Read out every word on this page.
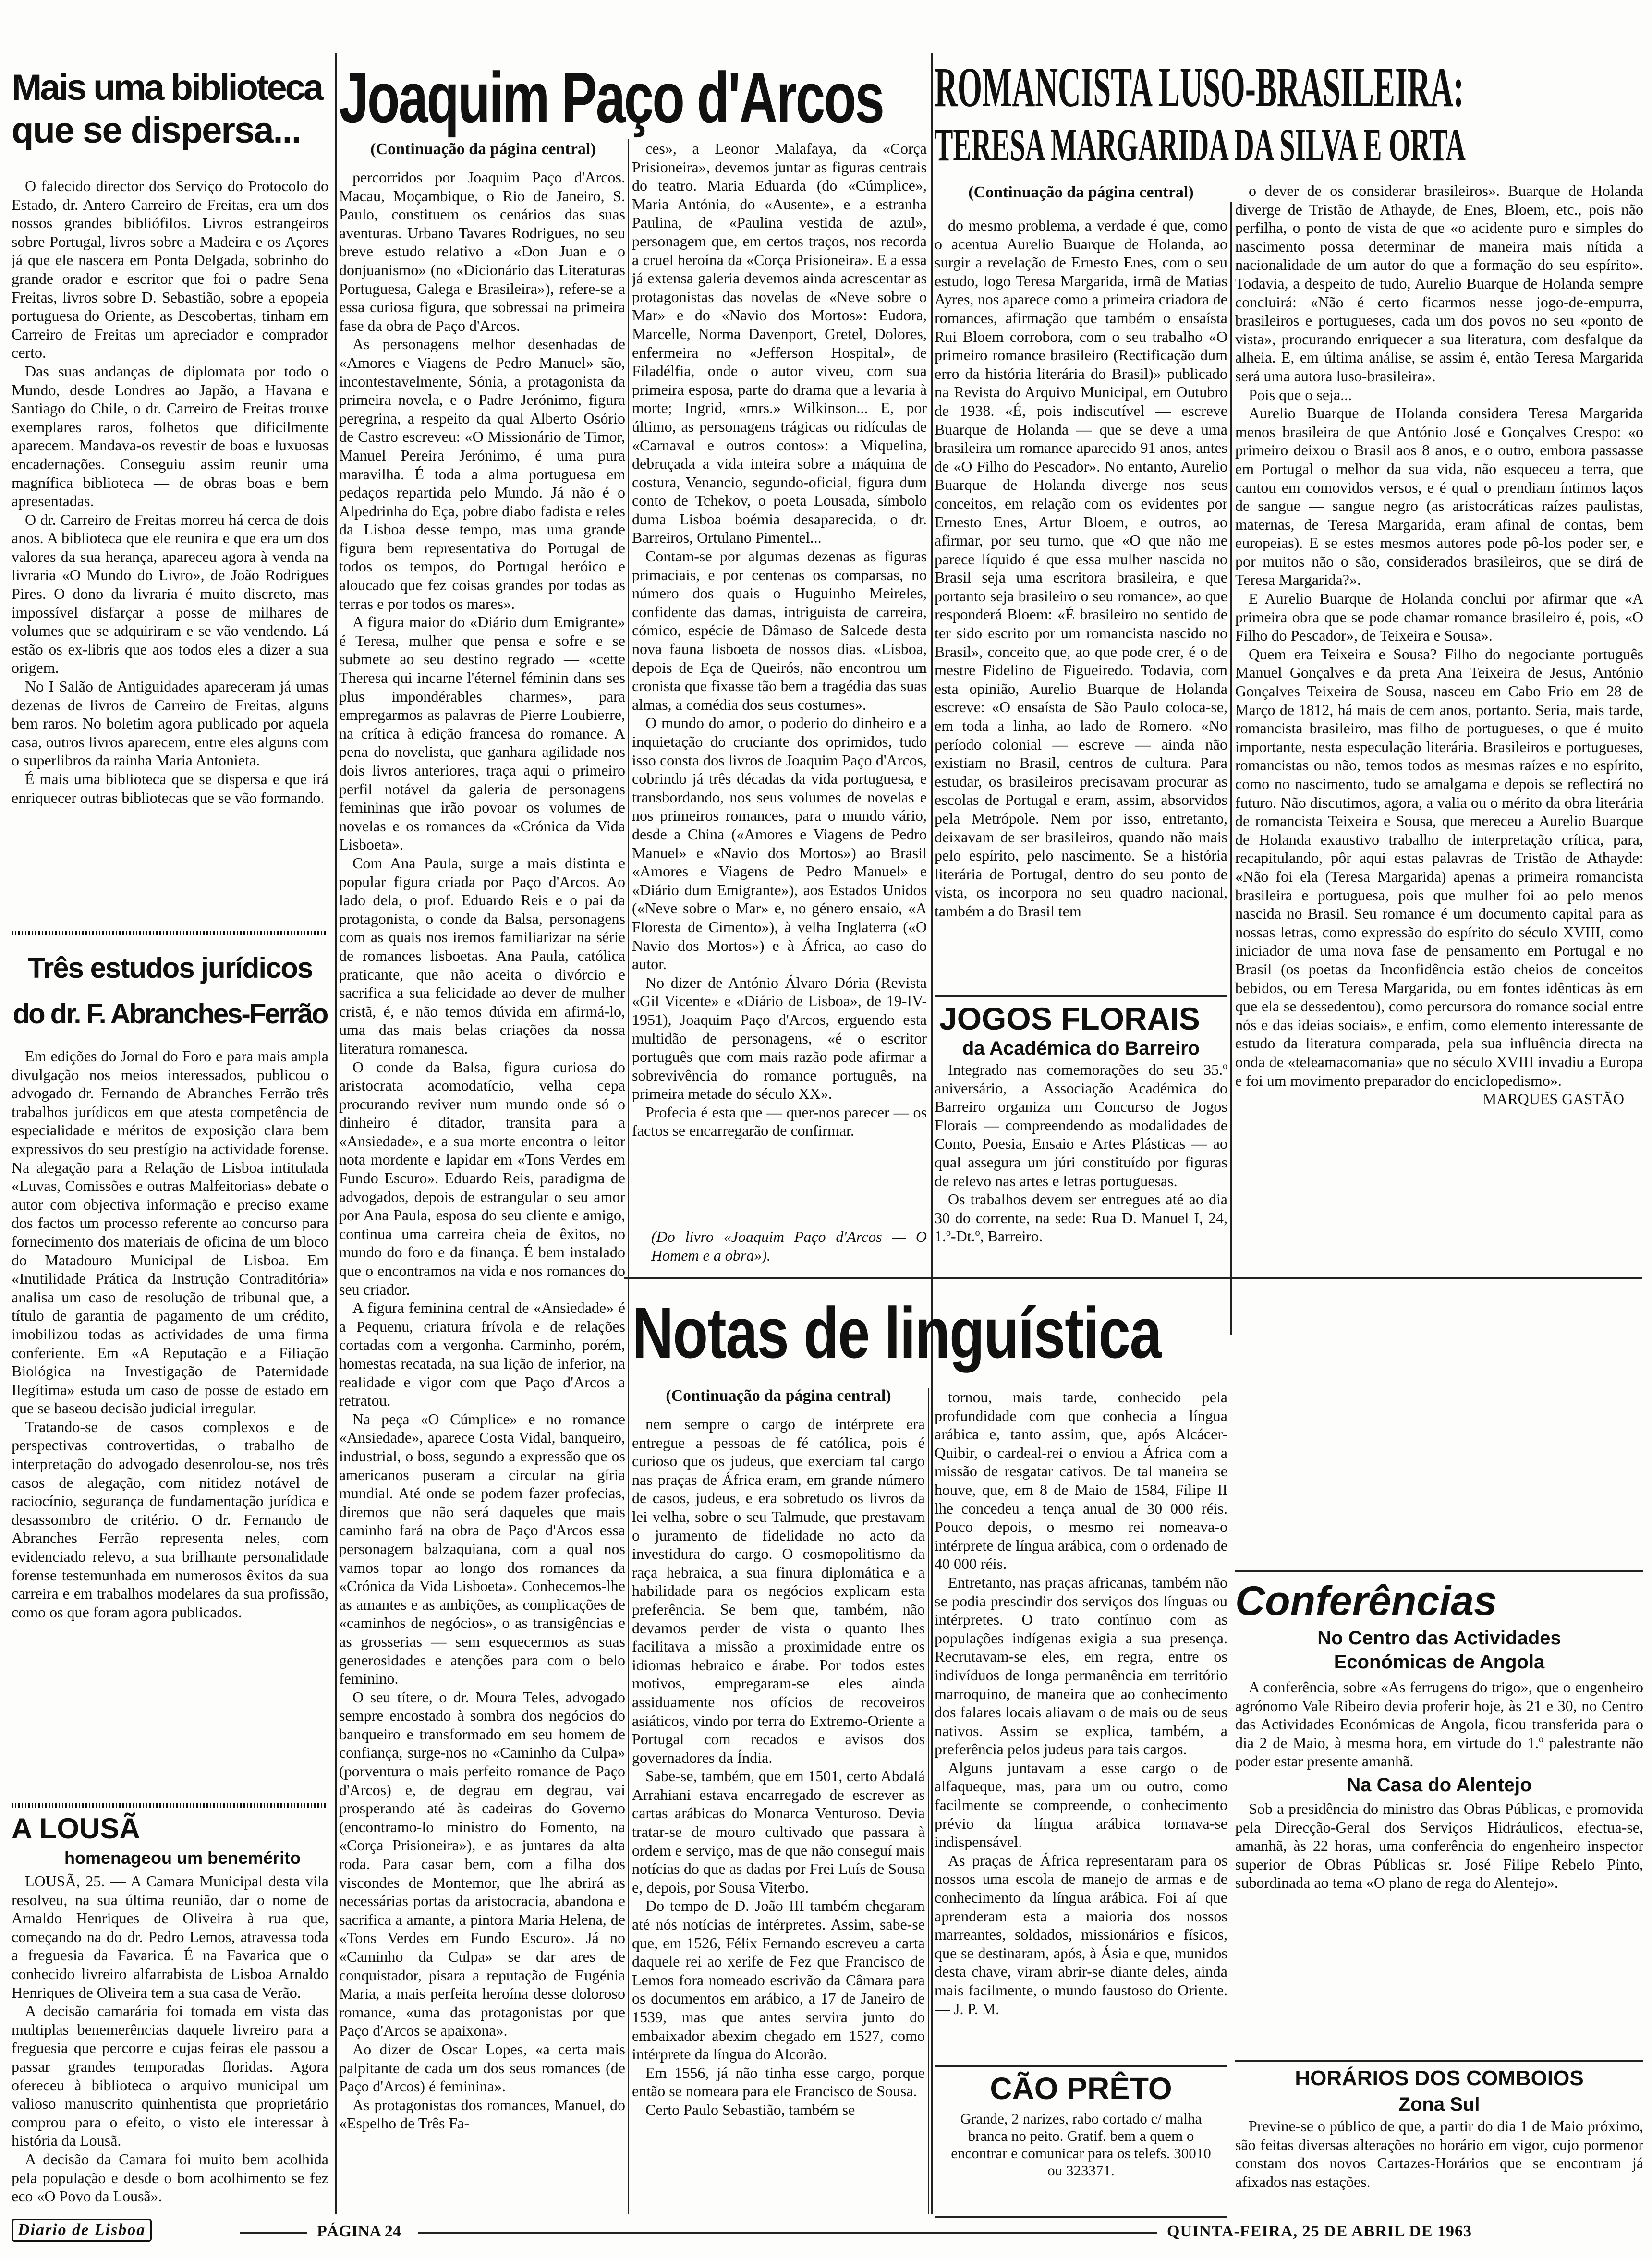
Mais uma biblioteca
que se dispersa...

O falecido director dos Serviço do Protocolo do Estado, dr. Antero Carreiro de Freitas, era um dos nossos grandes bibliófilos. Livros estrangeiros sobre Portugal, livros sobre a Madeira e os Açores já que ele nascera em Ponta Delgada, sobrinho do grande orador e escritor que foi o padre Sena Freitas, livros sobre D. Sebastião, sobre a epopeia portuguesa do Oriente, as Descobertas, tinham em Carreiro de Freitas um apreciador e comprador certo.

Das suas andanças de diplomata por todo o Mundo, desde Londres ao Japão, a Havana e Santiago do Chile, o dr. Carreiro de Freitas trouxe exemplares raros, folhetos que dificilmente aparecem. Mandava-os revestir de boas e luxuosas encadernações. Conseguiu assim reunir uma magnífica biblioteca — de obras boas e bem apresentadas.

O dr. Carreiro de Freitas morreu há cerca de dois anos. A biblioteca que ele reunira e que era um dos valores da sua herança, apareceu agora à venda na livraria «O Mundo do Livro», de João Rodrigues Pires. O dono da livraria é muito discreto, mas impossível disfarçar a posse de milhares de volumes que se adquiriram e se vão vendendo. Lá estão os ex-libris que aos todos eles a dizer a sua origem.

No I Salão de Antiguidades apareceram já umas dezenas de livros de Carreiro de Freitas, alguns bem raros. No boletim agora publicado por aquela casa, outros livros aparecem, entre eles alguns com o superlibros da rainha Maria Antonieta.

É mais uma biblioteca que se dispersa e que irá enriquecer outras bibliotecas que se vão formando.

Três estudos jurídicos
do dr. F. Abranches-Ferrão

Em edições do Jornal do Foro e para mais ampla divulgação nos meios interessados, publicou o advogado dr. Fernando de Abranches Ferrão três trabalhos jurídicos em que atesta competência de especialidade e méritos de exposição clara bem expressivos do seu prestígio na actividade forense. Na alegação para a Relação de Lisboa intitulada «Luvas, Comissões e outras Malfeitorias» debate o autor com objectiva informação e preciso exame dos factos um processo referente ao concurso para fornecimento dos materiais de oficina de um bloco do Matadouro Municipal de Lisboa. Em «Inutilidade Prática da Instrução Contraditória» analisa um caso de resolução de tribunal que, a título de garantia de pagamento de um crédito, imobilizou todas as actividades de uma firma conferiente. Em «A Reputação e a Filiação Biológica na Investigação de Paternidade Ilegítima» estuda um caso de posse de estado em que se baseou decisão judicial irregular.

Tratando-se de casos complexos e de perspectivas controvertidas, o trabalho de interpretação do advogado desenrolou-se, nos três casos de alegação, com nitidez notável de raciocínio, segurança de fundamentação jurídica e desassombro de critério. O dr. Fernando de Abranches Ferrão representa neles, com evidenciado relevo, a sua brilhante personalidade forense testemunhada em numerosos êxitos da sua carreira e em trabalhos modelares da sua profissão, como os que foram agora publicados.

A LOUSÃ
homenageou um benemérito

LOUSÃ, 25. — A Camara Municipal desta vila resolveu, na sua última reunião, dar o nome de Arnaldo Henriques de Oliveira à rua que, começando na do dr. Pedro Lemos, atravessa toda a freguesia da Favarica. É na Favarica que o conhecido livreiro alfarrabista de Lisboa Arnaldo Henriques de Oliveira tem a sua casa de Verão.

A decisão camarária foi tomada em vista das multiplas benemerências daquele livreiro para a freguesia que percorre e cujas feiras ele passou a passar grandes temporadas floridas. Agora ofereceu à biblioteca o arquivo municipal um valioso manuscrito quinhentista que proprietário comprou para o efeito, o visto ele interessar à história da Lousã.

A decisão da Camara foi muito bem acolhida pela população e desde o bom acolhimento se fez eco «O Povo da Lousã».

Joaquim Paço d'Arcos
(Continuação da página central)

percorridos por Joaquim Paço d'Arcos. Macau, Moçambique, o Rio de Janeiro, S. Paulo, constituem os cenários das suas aventuras. Urbano Tavares Rodrigues, no seu breve estudo relativo a «Don Juan e o donjuanismo» (no «Dicionário das Literaturas Portuguesa, Galega e Brasileira»), refere-se a essa curiosa figura, que sobressai na primeira fase da obra de Paço d'Arcos.

As personagens melhor desenhadas de «Amores e Viagens de Pedro Manuel» são, incontestavelmente, Sónia, a protagonista da primeira novela, e o Padre Jerónimo, figura peregrina, a respeito da qual Alberto Osório de Castro escreveu: «O Missionário de Timor, Manuel Pereira Jerónimo, é uma pura maravilha. É toda a alma portuguesa em pedaços repartida pelo Mundo. Já não é o Alpedrinha do Eça, pobre diabo fadista e reles da Lisboa desse tempo, mas uma grande figura bem representativa do Portugal de todos os tempos, do Portugal heróico e aloucado que fez coisas grandes por todas as terras e por todos os mares».

A figura maior do «Diário dum Emigrante» é Teresa, mulher que pensa e sofre e se submete ao seu destino regrado — «cette Theresa qui incarne l'éternel féminin dans ses plus impondérables charmes», para empregarmos as palavras de Pierre Loubierre, na crítica à edição francesa do romance. A pena do novelista, que ganhara agilidade nos dois livros anteriores, traça aqui o primeiro perfil notável da galeria de personagens femininas que irão povoar os volumes de novelas e os romances da «Crónica da Vida Lisboeta».

Com Ana Paula, surge a mais distinta e popular figura criada por Paço d'Arcos. Ao lado dela, o prof. Eduardo Reis e o pai da protagonista, o conde da Balsa, personagens com as quais nos iremos familiarizar na série de romances lisboetas. Ana Paula, católica praticante, que não aceita o divórcio e sacrifica a sua felicidade ao dever de mulher cristã, é, e não temos dúvida em afirmá-lo, uma das mais belas criações da nossa literatura romanesca.

O conde da Balsa, figura curiosa do aristocrata acomodatício, velha cepa procurando reviver num mundo onde só o dinheiro é ditador, transita para a «Ansiedade», e a sua morte encontra o leitor nota mordente e lapidar em «Tons Verdes em Fundo Escuro». Eduardo Reis, paradigma de advogados, depois de estrangular o seu amor por Ana Paula, esposa do seu cliente e amigo, continua uma carreira cheia de êxitos, no mundo do foro e da finança. É bem instalado que o encontramos na vida e nos romances do seu criador.

A figura feminina central de «Ansiedade» é a Pequenu, criatura frívola e de relações cortadas com a vergonha. Carminho, porém, homestas recatada, na sua lição de inferior, na realidade e vigor com que Paço d'Arcos a retratou.

Na peça «O Cúmplice» e no romance «Ansiedade», aparece Costa Vidal, banqueiro, industrial, o boss, segundo a expressão que os americanos puseram a circular na gíria mundial. Até onde se podem fazer profecias, diremos que não será daqueles que mais caminho fará na obra de Paço d'Arcos essa personagem balzaquiana, com a qual nos vamos topar ao longo dos romances da «Crónica da Vida Lisboeta». Conhecemos-lhe as amantes e as ambições, as complicações de «caminhos de negócios», o as transigências e as grosserias — sem esquecermos as suas generosidades e atenções para com o belo feminino.

O seu títere, o dr. Moura Teles, advogado sempre encostado à sombra dos negócios do banqueiro e transformado em seu homem de confiança, surge-nos no «Caminho da Culpa» (porventura o mais perfeito romance de Paço d'Arcos) e, de degrau em degrau, vai prosperando até às cadeiras do Governo (encontramo-lo ministro do Fomento, na «Corça Prisioneira»), e as juntares da alta roda. Para casar bem, com a filha dos viscondes de Montemor, que lhe abrirá as necessárias portas da aristocracia, abandona e sacrifica a amante, a pintora Maria Helena, de «Tons Verdes em Fundo Escuro». Já no «Caminho da Culpa» se dar ares de conquistador, pisara a reputação de Eugénia Maria, a mais perfeita heroína desse doloroso romance, «uma das protagonistas por que Paço d'Arcos se apaixona».

Ao dizer de Oscar Lopes, «a certa mais palpitante de cada um dos seus romances (de Paço d'Arcos) é feminina».

As protagonistas dos romances, Manuel, do «Espelho de Três Fa-

ces», a Leonor Malafaya, da «Corça Prisioneira», devemos juntar as figuras centrais do teatro. Maria Eduarda (do «Cúmplice», Maria Antónia, do «Ausente», e a estranha Paulina, de «Paulina vestida de azul», personagem que, em certos traços, nos recorda a cruel heroína da «Corça Prisioneira». E a essa já extensa galeria devemos ainda acrescentar as protagonistas das novelas de «Neve sobre o Mar» e do «Navio dos Mortos»: Eudora, Marcelle, Norma Davenport, Gretel, Dolores, enfermeira no «Jefferson Hospital», de Filadélfia, onde o autor viveu, com sua primeira esposa, parte do drama que a levaria à morte; Ingrid, «mrs.» Wilkinson... E, por último, as personagens trágicas ou ridículas de «Carnaval e outros contos»: a Miquelina, debruçada a vida inteira sobre a máquina de costura, Venancio, segundo-oficial, figura dum conto de Tchekov, o poeta Lousada, símbolo duma Lisboa boémia desaparecida, o dr. Barreiros, Ortulano Pimentel...

Contam-se por algumas dezenas as figuras primaciais, e por centenas os comparsas, no número dos quais o Huguinho Meireles, confidente das damas, intriguista de carreira, cómico, espécie de Dâmaso de Salcede desta nova fauna lisboeta de nossos dias. «Lisboa, depois de Eça de Queirós, não encontrou um cronista que fixasse tão bem a tragédia das suas almas, a comédia dos seus costumes».

O mundo do amor, o poderio do dinheiro e a inquietação do cruciante dos oprimidos, tudo isso consta dos livros de Joaquim Paço d'Arcos, cobrindo já três décadas da vida portuguesa, e transbordando, nos seus volumes de novelas e nos primeiros romances, para o mundo vário, desde a China («Amores e Viagens de Pedro Manuel» e «Navio dos Mortos») ao Brasil «Amores e Viagens de Pedro Manuel» e «Diário dum Emigrante»), aos Estados Unidos («Neve sobre o Mar» e, no género ensaio, «A Floresta de Cimento»), à velha Inglaterra («O Navio dos Mortos») e à África, ao caso do autor.

No dizer de António Álvaro Dória (Revista «Gil Vicente» e «Diário de Lisboa», de 19-IV-1951), Joaquim Paço d'Arcos, erguendo esta multidão de personagens, «é o escritor português que com mais razão pode afirmar a sobrevivência do romance português, na primeira metade do século XX».

Profecia é esta que — quer-nos parecer — os factos se encarregarão de confirmar.

(Do livro «Joaquim Paço d'Arcos — O Homem e a obra»).

ROMANCISTA LUSO-BRASILEIRA:
TERESA MARGARIDA DA SILVA E ORTA
(Continuação da página central)

do mesmo problema, a verdade é que, como o acentua Aurelio Buarque de Holanda, ao surgir a revelação de Ernesto Enes, com o seu estudo, logo Teresa Margarida, irmã de Matias Ayres, nos aparece como a primeira criadora de romances, afirmação que também o ensaísta Rui Bloem corrobora, com o seu trabalho «O primeiro romance brasileiro (Rectificação dum erro da história literária do Brasil)» publicado na Revista do Arquivo Municipal, em Outubro de 1938. «É, pois indiscutível — escreve Buarque de Holanda — que se deve a uma brasileira um romance aparecido 91 anos, antes de «O Filho do Pescador». No entanto, Aurelio Buarque de Holanda diverge nos seus conceitos, em relação com os evidentes por Ernesto Enes, Artur Bloem, e outros, ao afirmar, por seu turno, que «O que não me parece líquido é que essa mulher nascida no Brasil seja uma escritora brasileira, e que portanto seja brasileiro o seu romance», ao que responderá Bloem: «É brasileiro no sentido de ter sido escrito por um romancista nascido no Brasil», conceito que, ao que pode crer, é o de mestre Fidelino de Figueiredo. Todavia, com esta opinião, Aurelio Buarque de Holanda escreve: «O ensaísta de São Paulo coloca-se, em toda a linha, ao lado de Romero. «No período colonial — escreve — ainda não existiam no Brasil, centros de cultura. Para estudar, os brasileiros precisavam procurar as escolas de Portugal e eram, assim, absorvidos pela Metrópole. Nem por isso, entretanto, deixavam de ser brasileiros, quando não mais pelo espírito, pelo nascimento. Se a história literária de Portugal, dentro do seu ponto de vista, os incorpora no seu quadro nacional, também a do Brasil tem

o dever de os considerar brasileiros». Buarque de Holanda diverge de Tristão de Athayde, de Enes, Bloem, etc., pois não perfilha, o ponto de vista de que «o acidente puro e simples do nascimento possa determinar de maneira mais nítida a nacionalidade de um autor do que a formação do seu espírito». Todavia, a despeito de tudo, Aurelio Buarque de Holanda sempre concluirá: «Não é certo ficarmos nesse jogo-de-empurra, brasileiros e portugueses, cada um dos povos no seu «ponto de vista», procurando enriquecer a sua literatura, com desfalque da alheia. E, em última análise, se assim é, então Teresa Margarida será uma autora luso-brasileira».

Pois que o seja...

Aurelio Buarque de Holanda considera Teresa Margarida menos brasileira de que António José e Gonçalves Crespo: «o primeiro deixou o Brasil aos 8 anos, e o outro, embora passasse em Portugal o melhor da sua vida, não esqueceu a terra, que cantou em comovidos versos, e é qual o prendiam íntimos laços de sangue — sangue negro (as aristocráticas raízes paulistas, maternas, de Teresa Margarida, eram afinal de contas, bem europeias). E se estes mesmos autores pode pô-los poder ser, e por muitos não o são, considerados brasileiros, que se dirá de Teresa Margarida?».

E Aurelio Buarque de Holanda conclui por afirmar que «A primeira obra que se pode chamar romance brasileiro é, pois, «O Filho do Pescador», de Teixeira e Sousa».

Quem era Teixeira e Sousa? Filho do negociante português Manuel Gonçalves e da preta Ana Teixeira de Jesus, António Gonçalves Teixeira de Sousa, nasceu em Cabo Frio em 28 de Março de 1812, há mais de cem anos, portanto. Seria, mais tarde, romancista brasileiro, mas filho de portugueses, o que é muito importante, nesta especulação literária. Brasileiros e portugueses, romancistas ou não, temos todos as mesmas raízes e no espírito, como no nascimento, tudo se amalgama e depois se reflectirá no futuro. Não discutimos, agora, a valia ou o mérito da obra literária de romancista Teixeira e Sousa, que mereceu a Aurelio Buarque de Holanda exaustivo trabalho de interpretação crítica, para, recapitulando, pôr aqui estas palavras de Tristão de Athayde: «Não foi ela (Teresa Margarida) apenas a primeira romancista brasileira e portuguesa, pois que mulher foi ao pelo menos nascida no Brasil. Seu romance é um documento capital para as nossas letras, como expressão do espírito do século XVIII, como iniciador de uma nova fase de pensamento em Portugal e no Brasil (os poetas da Inconfidência estão cheios de conceitos bebidos, ou em Teresa Margarida, ou em fontes idênticas às em que ela se dessedentou), como percursora do romance social entre nós e das ideias sociais», e enfim, como elemento interessante de estudo da literatura comparada, pela sua influência directa na onda de «teleamacomania» que no século XVIII invadiu a Europa e foi um movimento preparador do enciclopedismo».

MARQUES GASTÃO

JOGOS FLORAIS
da Académica do Barreiro

Integrado nas comemorações do seu 35.º aniversário, a Associação Académica do Barreiro organiza um Concurso de Jogos Florais — compreendendo as modalidades de Conto, Poesia, Ensaio e Artes Plásticas — ao qual assegura um júri constituído por figuras de relevo nas artes e letras portuguesas.

Os trabalhos devem ser entregues até ao dia 30 do corrente, na sede: Rua D. Manuel I, 24, 1.º-Dt.º, Barreiro.

Notas de linguística
(Continuação da página central)

nem sempre o cargo de intérprete era entregue a pessoas de fé católica, pois é curioso que os judeus, que exerciam tal cargo nas praças de África eram, em grande número de casos, judeus, e era sobretudo os livros da lei velha, sobre o seu Talmude, que prestavam o juramento de fidelidade no acto da investidura do cargo. O cosmopolitismo da raça hebraica, a sua finura diplomática e a habilidade para os negócios explicam esta preferência. Se bem que, também, não devamos perder de vista o quanto lhes facilitava a missão a proximidade entre os idiomas hebraico e árabe. Por todos estes motivos, empregaram-se eles ainda assiduamente nos ofícios de recoveiros asiáticos, vindo por terra do Extremo-Oriente a Portugal com recados e avisos dos governadores da Índia.

Sabe-se, também, que em 1501, certo Abdalá Arrahiani estava encarregado de escrever as cartas arábicas do Monarca Venturoso. Devia tratar-se de mouro cultivado que passara à ordem e serviço, mas de que não conseguí mais notícias do que as dadas por Frei Luís de Sousa e, depois, por Sousa Viterbo.

Do tempo de D. João III também chegaram até nós notícias de intérpretes. Assim, sabe-se que, em 1526, Félix Fernando escreveu a carta daquele rei ao xerife de Fez que Francisco de Lemos fora nomeado escrivão da Câmara para os documentos em arábico, a 17 de Janeiro de 1539, mas que antes servira junto do embaixador abexim chegado em 1527, como intérprete da língua do Alcorão.

Em 1556, já não tinha esse cargo, porque então se nomeara para ele Francisco de Sousa.

Certo Paulo Sebastião, também se

tornou, mais tarde, conhecido pela profundidade com que conhecia a língua arábica e, tanto assim, que, após Alcácer-Quibir, o cardeal-rei o enviou a África com a missão de resgatar cativos. De tal maneira se houve, que, em 8 de Maio de 1584, Filipe II lhe concedeu a tença anual de 30 000 réis. Pouco depois, o mesmo rei nomeava-o intérprete de língua arábica, com o ordenado de 40 000 réis.

Entretanto, nas praças africanas, também não se podia prescindir dos serviços dos línguas ou intérpretes. O trato contínuo com as populações indígenas exigia a sua presença. Recrutavam-se eles, em regra, entre os indivíduos de longa permanência em território marroquino, de maneira que ao conhecimento dos falares locais aliavam o de mais ou de seus nativos. Assim se explica, também, a preferência pelos judeus para tais cargos.

Alguns juntavam a esse cargo o de alfaqueque, mas, para um ou outro, como facilmente se compreende, o conhecimento prévio da língua arábica tornava-se indispensável.

As praças de África representaram para os nossos uma escola de manejo de armas e de conhecimento da língua arábica. Foi aí que aprenderam esta a maioria dos nossos marreantes, soldados, missionários e físicos, que se destinaram, após, à Ásia e que, munidos desta chave, viram abrir-se diante deles, ainda mais facilmente, o mundo faustoso do Oriente. — J. P. M.

CÃO PRÊTO
Grande, 2 narizes, rabo cortado c/ malha branca no peito. Gratif. bem a quem o encontrar e comunicar para os telefs. 30010 ou 323371.
Conferências
No Centro das Actividades Económicas de Angola

A conferência, sobre «As ferrugens do trigo», que o engenheiro agrónomo Vale Ribeiro devia proferir hoje, às 21 e 30, no Centro das Actividades Económicas de Angola, ficou transferida para o dia 2 de Maio, à mesma hora, em virtude do 1.º palestrante não poder estar presente amanhã.

Na Casa do Alentejo

Sob a presidência do ministro das Obras Públicas, e promovida pela Direcção-Geral dos Serviços Hidráulicos, efectua-se, amanhã, às 22 horas, uma conferência do engenheiro inspector superior de Obras Públicas sr. José Filipe Rebelo Pinto, subordinada ao tema «O plano de rega do Alentejo».

HORÁRIOS DOS COMBOIOS
Zona Sul

Previne-se o público de que, a partir do dia 1 de Maio próximo, são feitas diversas alterações no horário em vigor, cujo pormenor constam dos novos Cartazes-Horários que se encontram já afixados nas estações.

Diario de Lisboa	PÁGINA 24	QUINTA-FEIRA, 25 DE ABRIL DE 1963
